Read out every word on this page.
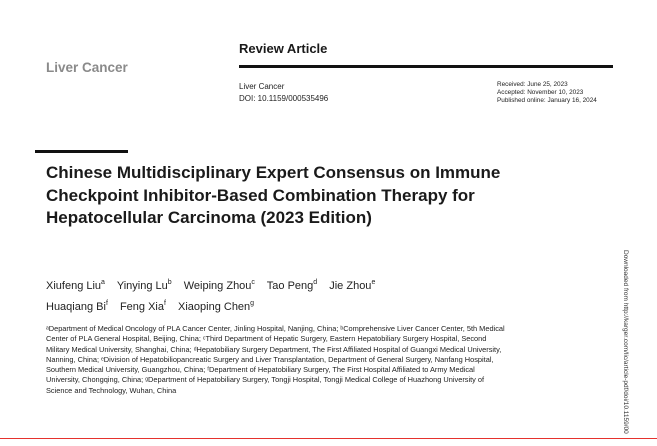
Liver Cancer
Review Article
Liver Cancer
DOI: 10.1159/000535496
Received: June 25, 2023
Accepted: November 10, 2023
Published online: January 16, 2024
Chinese Multidisciplinary Expert Consensus on Immune Checkpoint Inhibitor-Based Combination Therapy for Hepatocellular Carcinoma (2023 Edition)
Xiufeng Liu$^a$ Yinying Lu$^b$ Weiping Zhou$^c$ Tao Peng$^d$ Jie Zhou$^e$
Huaqiang Bi$^f$ Feng Xia$^f$ Xiaoping Chen$^g$

ᵃDepartment of Medical Oncology of PLA Cancer Center, Jinling Hospital, Nanjing, China; ᵇComprehensive Liver Cancer Center, 5th Medical Center of PLA General Hospital, Beijing, China; ᶜThird Department of Hepatic Surgery, Eastern Hepatobiliary Surgery Hospital, Second Military Medical University, Shanghai, China; ᵈHepatobiliary Surgery Department, The First Affiliated Hospital of Guangxi Medical University, Nanning, China; ᵉDivision of Hepatobiliopancreatic Surgery and Liver Transplantation, Department of General Surgery, Nanfang Hospital, Southern Medical University, Guangzhou, China; ᶠDepartment of Hepatobiliary Surgery, The First Hospital Affiliated to Army Medical University, Chongqing, China; ᵍDepartment of Hepatobiliary Surgery, Tongji Hospital, Tongji Medical College of Huazhong University of Science and Technology, Wuhan, China	Downloaded from http://karger.com/lic/article-pdf/doi/10.1159/00
